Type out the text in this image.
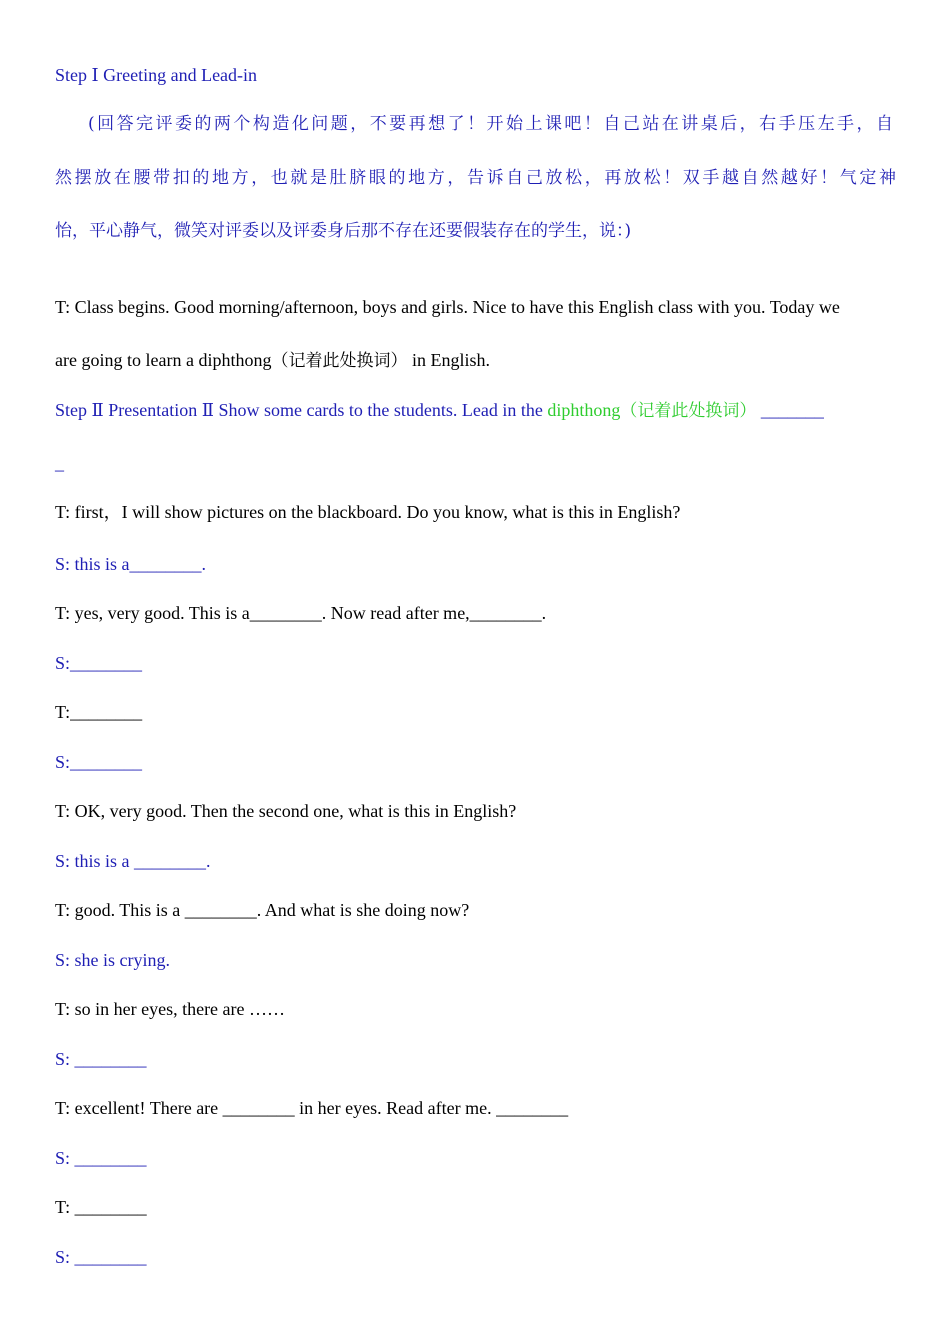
Step Ⅰ Greeting and Lead-in
(回答完评委的两个构造化问题，不要再想了！开始上课吧！自己站在讲桌后，右手压左手，自
然摆放在腰带扣的地方，也就是肚脐眼的地方，告诉自己放松，再放松！双手越自然越好！气定神
怡，平心静气，微笑对评委以及评委身后那不存在还要假装存在的学生，说：)
T: Class begins. Good morning/afternoon, boys and girls. Nice to have this English class with you. Today we
are going to learn a diphthong（记着此处换词） in English.
Step Ⅱ Presentation Ⅱ Show some cards to the students. Lead in the diphthong（记着此处换词） _______
_
T: first，I will show pictures on the blackboard. Do you know, what is this in English?
S: this is a________.
T: yes, very good. This is a________. Now read after me,________.
S:________
T:________
S:________
T: OK, very good. Then the second one, what is this in English?
S: this is a ________.
T: good. This is a ________. And what is she doing now?
S: she is crying.
T: so in her eyes, there are ……
S: ________
T: excellent! There are ________ in her eyes. Read after me. ________
S: ________
T: ________
S: ________
